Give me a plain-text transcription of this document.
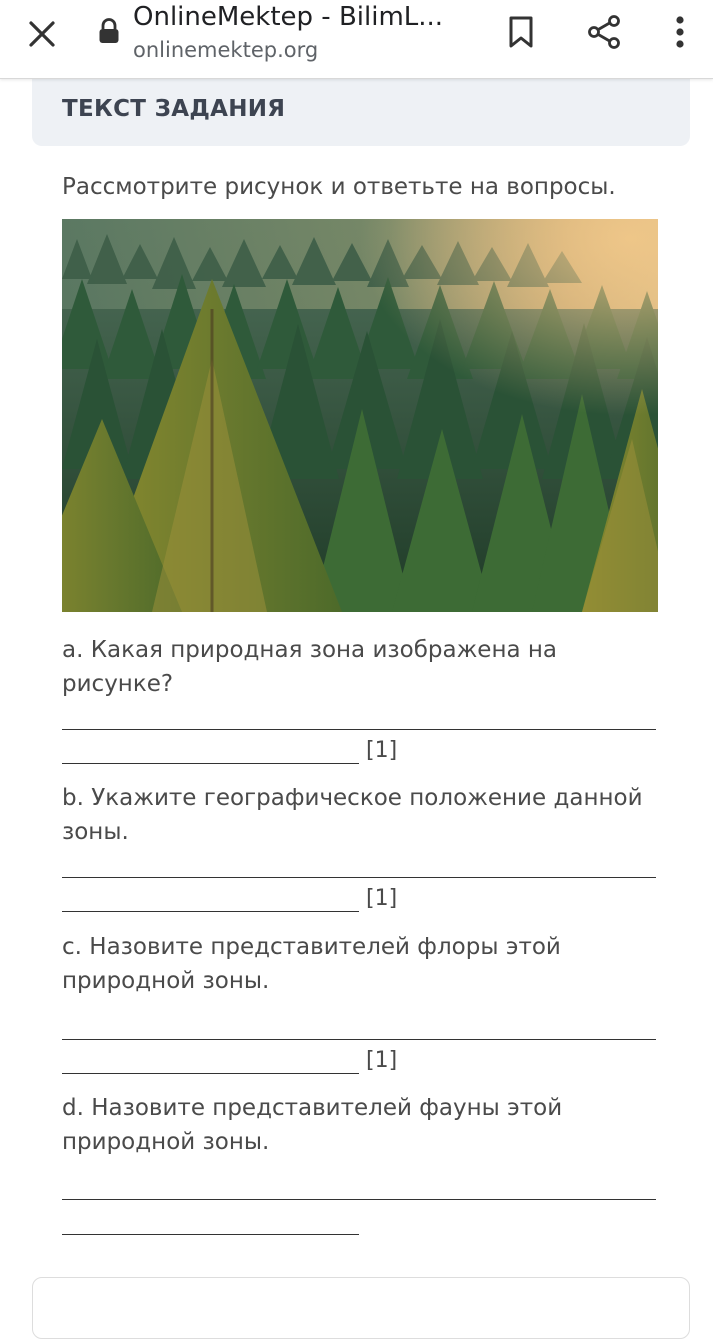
OnlineMektep - BilimL...
onlinemektep.org
ТЕКСТ ЗАДАНИЯ
Рассмотрите рисунок и ответьте на вопросы.
a. Какая природная зона изображена на рисунке?
[1]
b. Укажите географическое положение данной зоны.
[1]
c. Назовите представителей флоры этой природной зоны.
[1]
d. Назовите представителей фауны этой природной зоны.
